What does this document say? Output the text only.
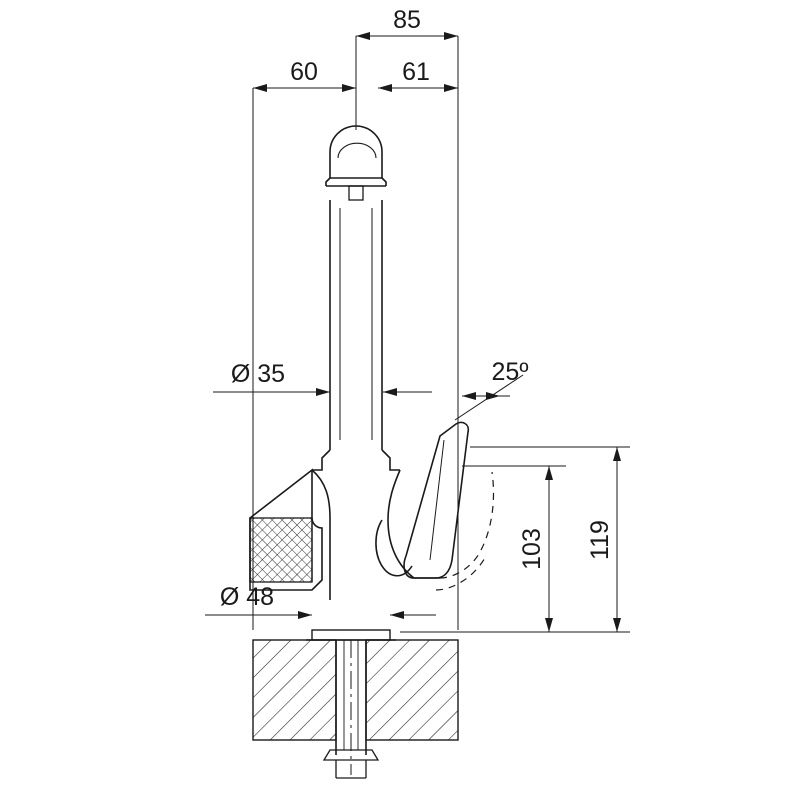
85
60	61
Ø 35
Ø 48
25º
103 119
